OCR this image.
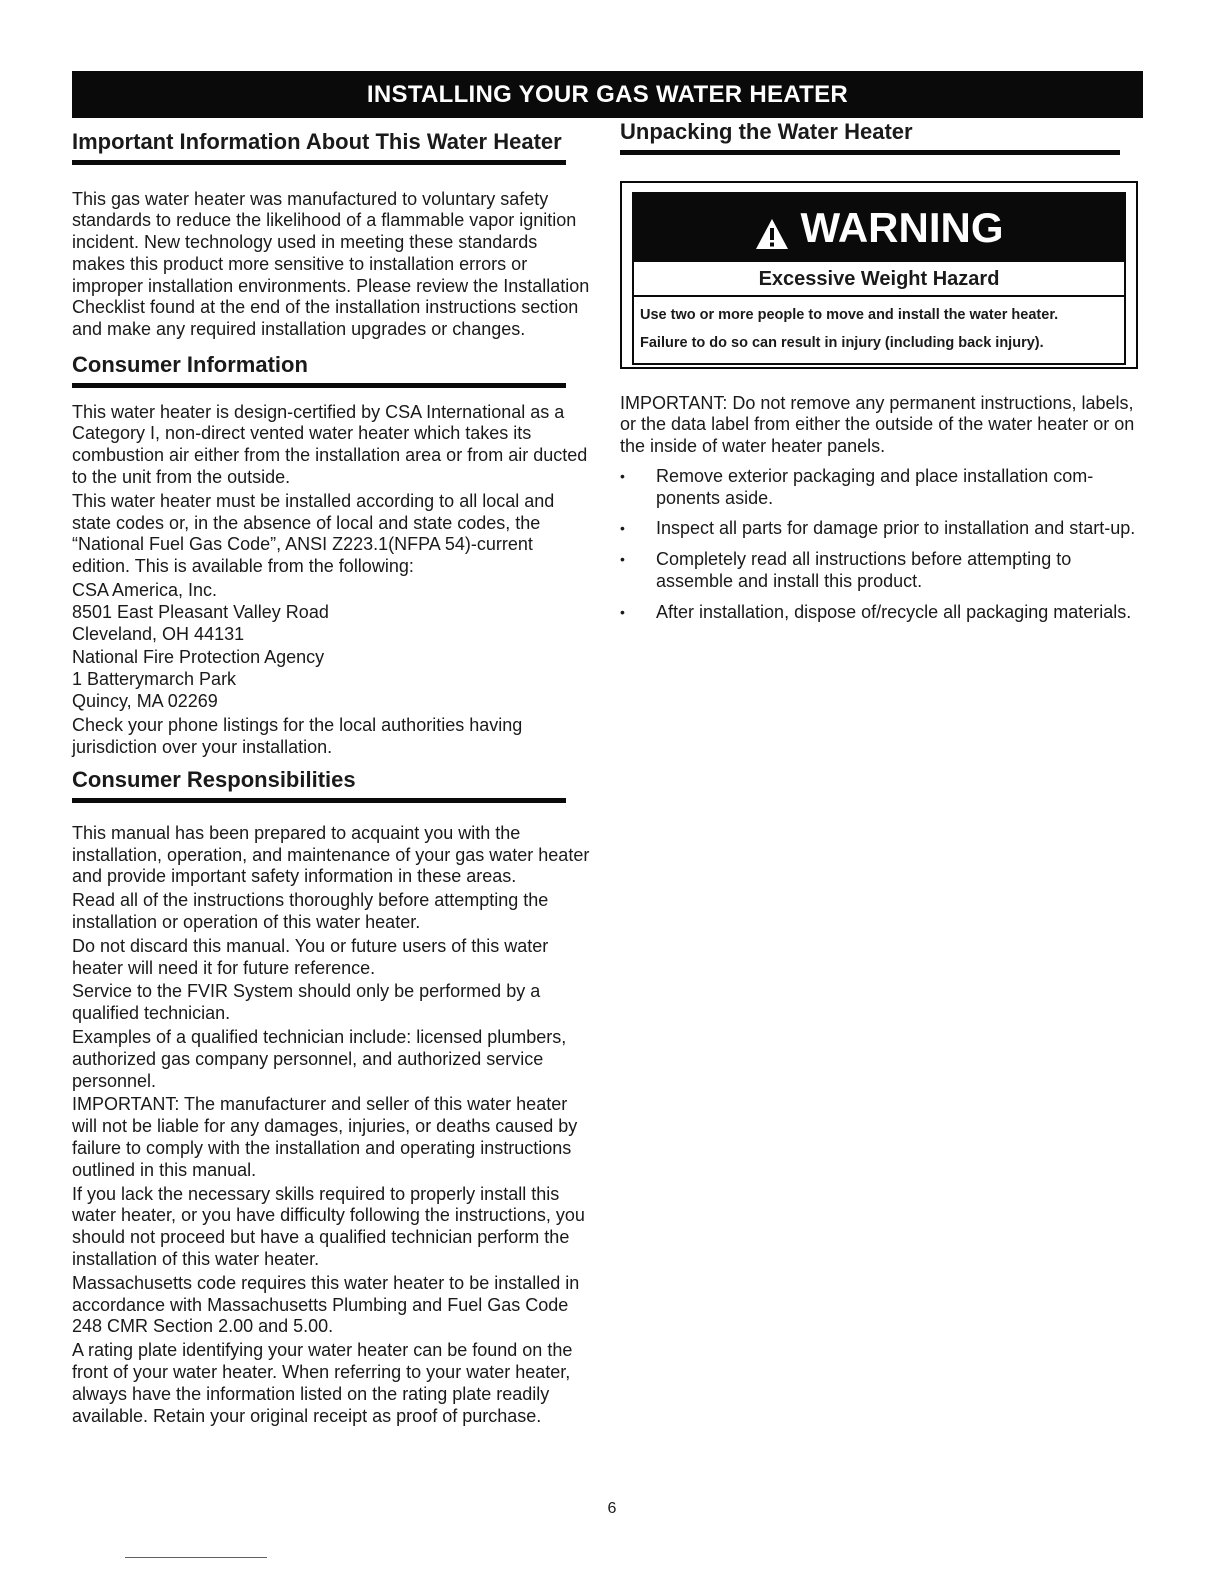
INSTALLING YOUR GAS WATER HEATER
Important Information About This Water Heater

This gas water heater was manufactured to voluntary safety standards to reduce the likelihood of a flammable vapor ignition incident. New technology used in meeting these standards makes this product more sensitive to installation errors or improper installation environments. Please review the Installation Checklist found at the end of the installation instructions section and make any required installation upgrades or changes.

Consumer Information

This water heater is design-certified by CSA International as a Category I, non-direct vented water heater which takes its combustion air either from the installation area or from air ducted to the unit from the outside.

This water heater must be installed according to all local and state codes or, in the absence of local and state codes, the “National Fuel Gas Code”, ANSI Z223.1(NFPA 54)-current edition. This is available from the following:

CSA America, Inc.

8501 East Pleasant Valley Road

Cleveland, OH 44131

National Fire Protection Agency

1 Batterymarch Park

Quincy, MA 02269

Check your phone listings for the local authorities having jurisdiction over your installation.

Consumer Responsibilities

This manual has been prepared to acquaint you with the installation, operation, and maintenance of your gas water heater and provide important safety information in these areas.

Read all of the instructions thoroughly before attempting the installation or operation of this water heater.

Do not discard this manual. You or future users of this water heater will need it for future reference.

Service to the FVIR System should only be performed by a qualified technician.

Examples of a qualified technician include: licensed plumbers, authorized gas company personnel, and authorized service personnel.

IMPORTANT: The manufacturer and seller of this water heater will not be liable for any damages, injuries, or deaths caused by failure to comply with the installation and operating instructions outlined in this manual.

If you lack the necessary skills required to properly install this water heater, or you have difficulty following the instructions, you should not proceed but have a qualified technician perform the installation of this water heater.

Massachusetts code requires this water heater to be installed in accordance with Massachusetts Plumbing and Fuel Gas Code 248 CMR Section 2.00 and 5.00.

A rating plate identifying your water heater can be found on the front of your water heater. When referring to your water heater, always have the information listed on the rating plate readily available. Retain your original receipt as proof of purchase.

Unpacking the Water Heater
WARNING
Excessive Weight Hazard

Use two or more people to move and install the water heater.

Failure to do so can result in injury (including back injury).

IMPORTANT: Do not remove any permanent instructions, labels, or the data label from either the outside of the water heater or on the inside of water heater panels.

• Remove exterior packaging and place installation com- ponents aside.
• Inspect all parts for damage prior to installation and start-up.
• Completely read all instructions before attempting to assemble and install this product.
• After installation, dispose of/recycle all packaging materials.
6
